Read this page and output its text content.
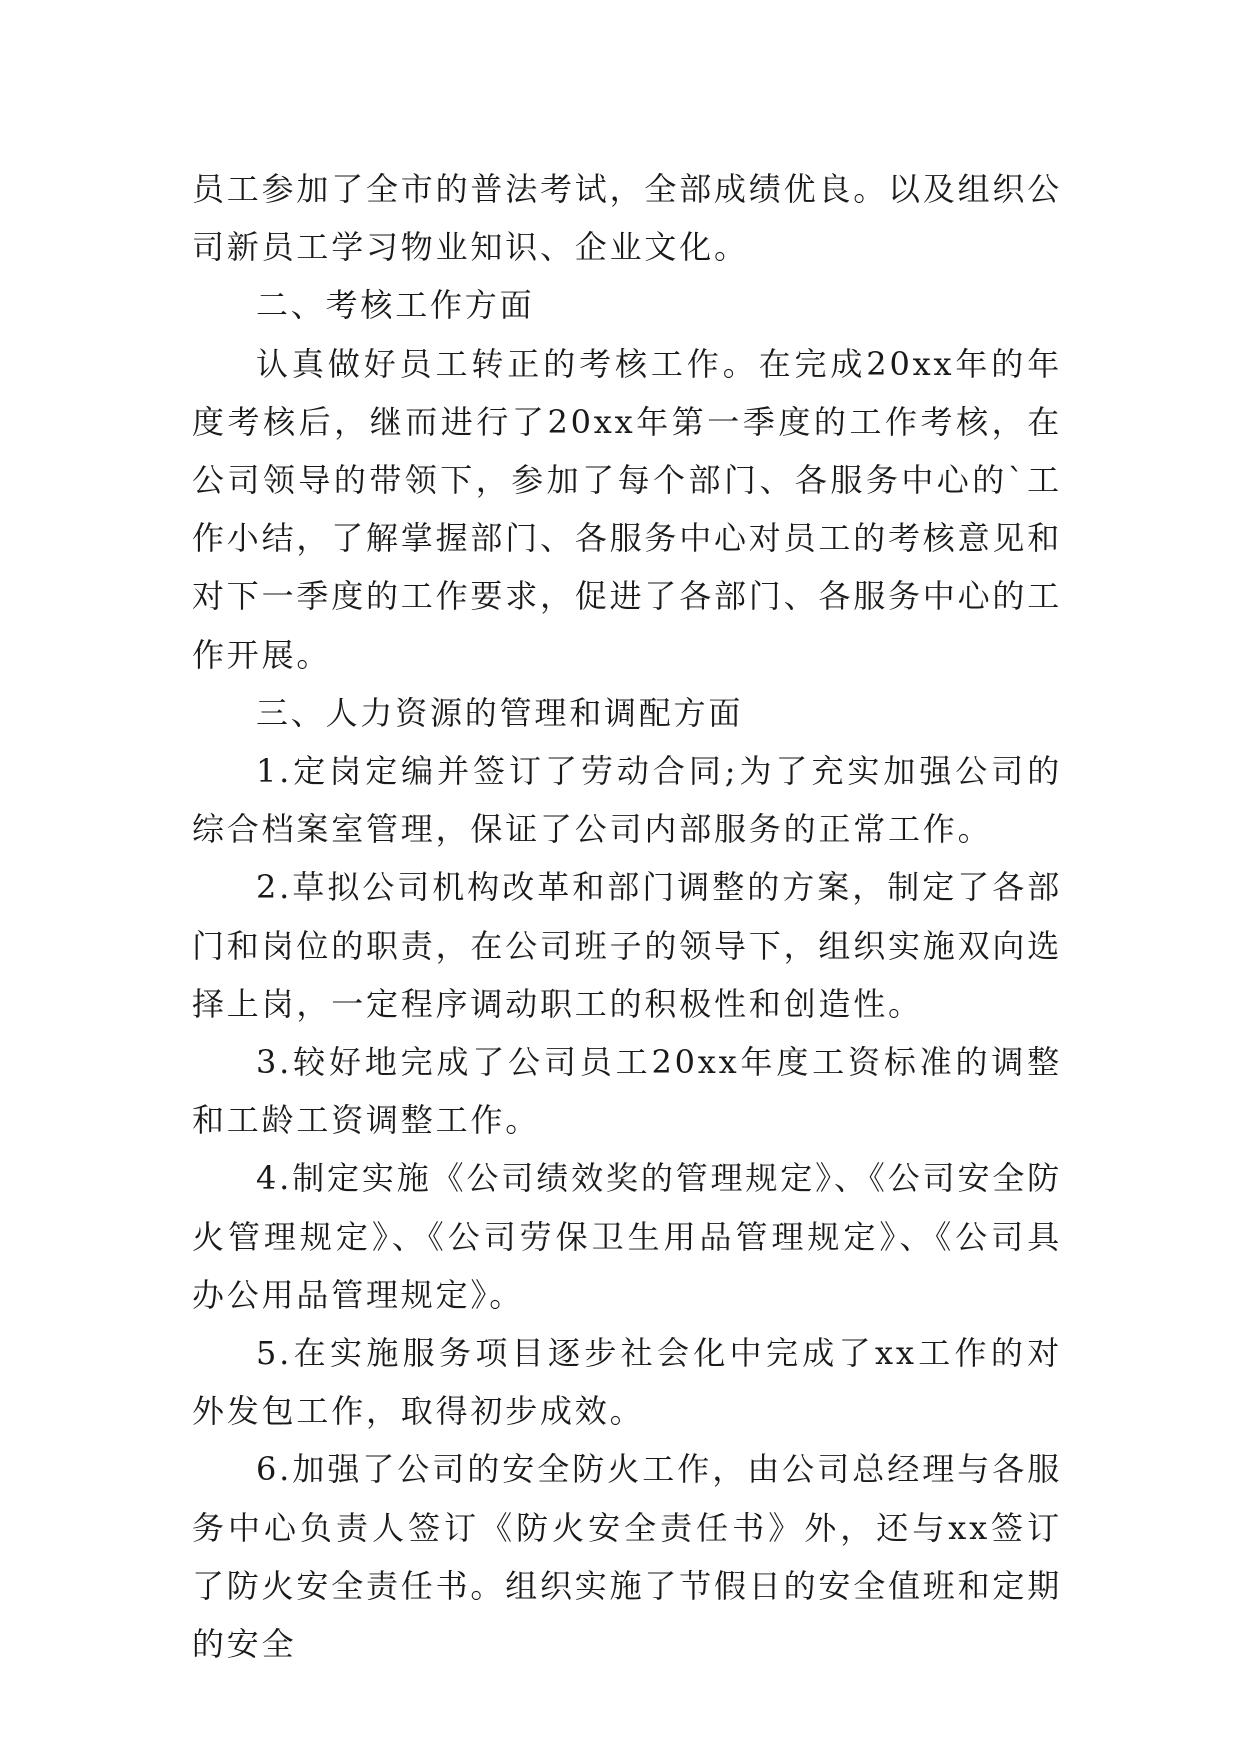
员工参加了全市的普法考试，全部成绩优良。以及组织公司新员工学习物业知识、企业文化。

二、考核工作方面

认真做好员工转正的考核工作。在完成20xx年的年度考核后，继而进行了20xx年第一季度的工作考核，在公司领导的带领下，参加了每个部门、各服务中心的`工作小结，了解掌握部门、各服务中心对员工的考核意见和对下一季度的工作要求，促进了各部门、各服务中心的工作开展。

三、人力资源的管理和调配方面

1.定岗定编并签订了劳动合同;为了充实加强公司的综合档案室管理，保证了公司内部服务的正常工作。

2.草拟公司机构改革和部门调整的方案，制定了各部门和岗位的职责，在公司班子的领导下，组织实施双向选择上岗，一定程序调动职工的积极性和创造性。

3.较好地完成了公司员工20xx年度工资标准的调整和工龄工资调整工作。

4.制定实施《公司绩效奖的管理规定》、《公司安全防火管理规定》、《公司劳保卫生用品管理规定》、《公司具办公用品管理规定》。

5.在实施服务项目逐步社会化中完成了xx工作的对外发包工作，取得初步成效。

6.加强了公司的安全防火工作，由公司总经理与各服务中心负责人签订《防火安全责任书》外，还与xx签订了防火安全责任书。组织实施了节假日的安全值班和定期的安全
